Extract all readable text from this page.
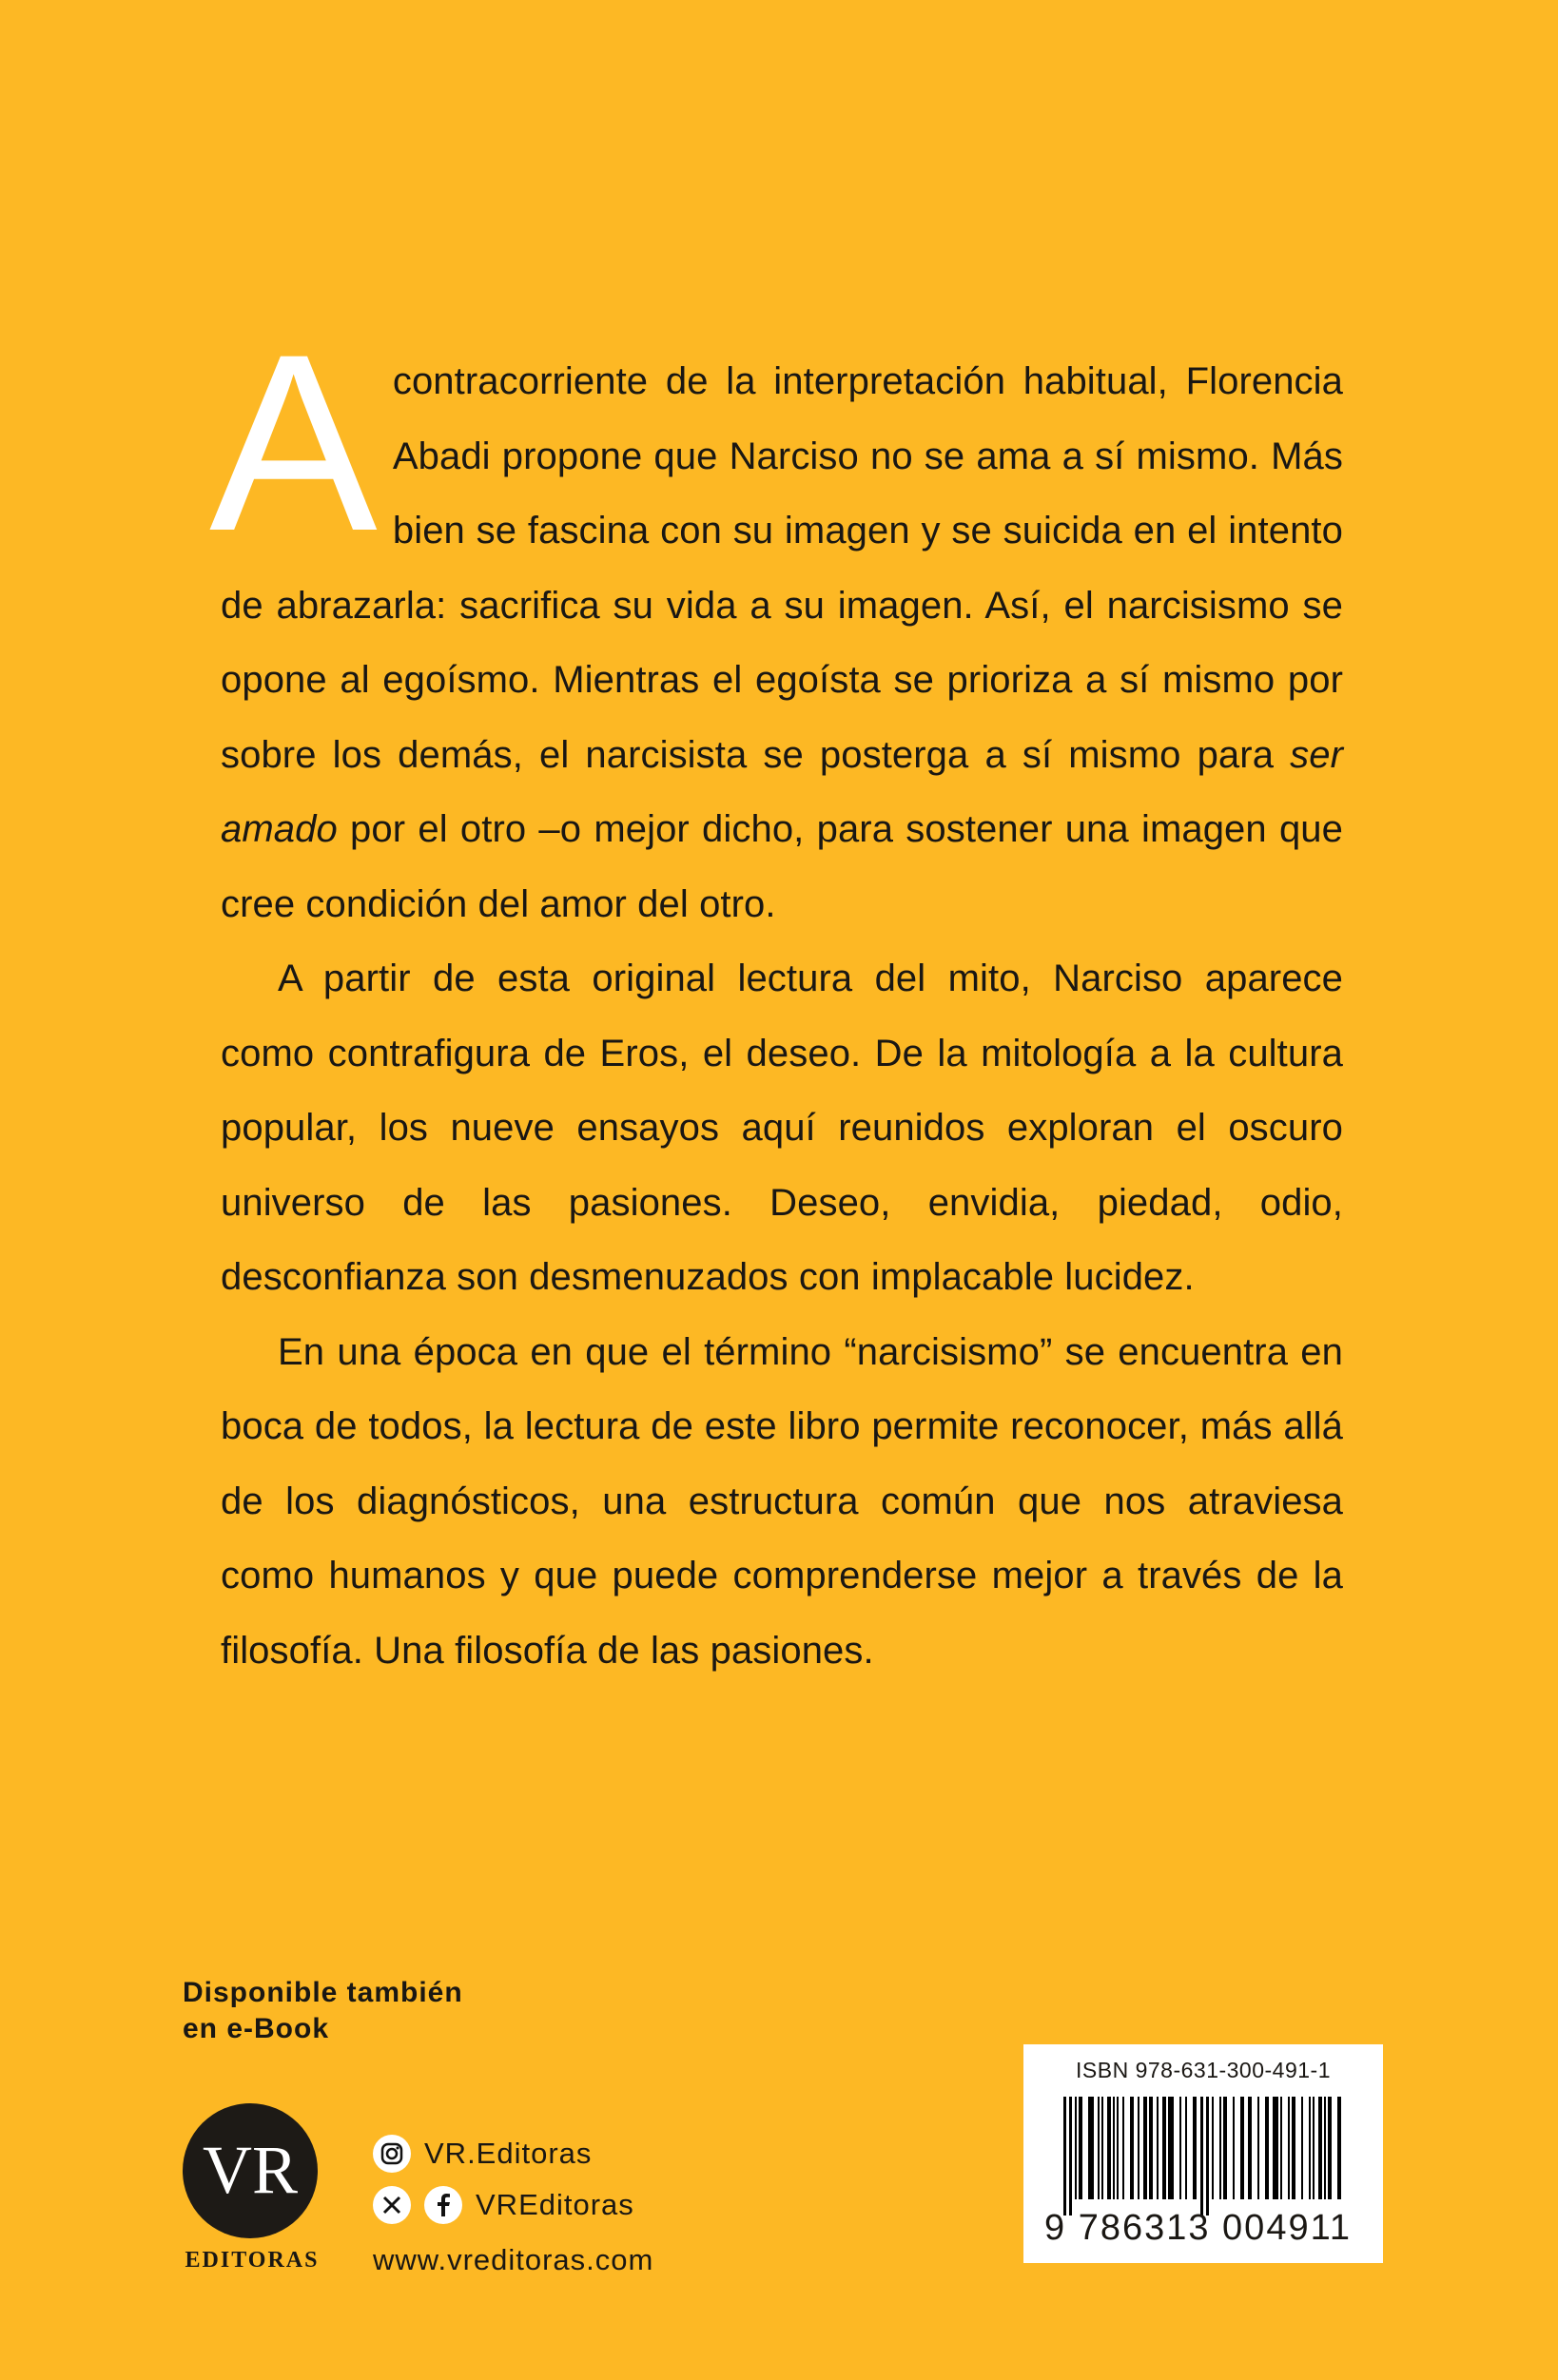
Acontracorriente de la interpretación habitual, Florencia Abadi propone que Narciso no se ama a sí mismo. Más bien se fascina con su imagen y se suicida en el intento de abrazarla: sacrifica su vida a su imagen. Así, el narcisismo se opone al egoísmo. Mientras el egoísta se prioriza a sí mismo por sobre los demás, el narcisista se posterga a sí mismo para ser amado por el otro –o mejor dicho, para sostener una imagen que cree condición del amor del otro.

A partir de esta original lectura del mito, Narciso aparece como contrafigura de Eros, el deseo. De la mitología a la cultura popular, los nueve ensayos aquí reunidos exploran el oscuro universo de las pasiones. Deseo, envidia, piedad, odio, desconfianza son desmenuzados con implacable lucidez.

En una época en que el término “narcisismo” se encuentra en boca de todos, la lectura de este libro permite reconocer, más allá de los diagnósticos, una estructura común que nos atraviesa como humanos y que puede comprenderse mejor a través de la filosofía. Una filosofía de las pasiones.

Disponible también
en e-Book
VR
EDITORAS
VR.Editoras
VREditoras
www.vreditoras.com
ISBN 978-631-300-491-1
9 786313 004911
